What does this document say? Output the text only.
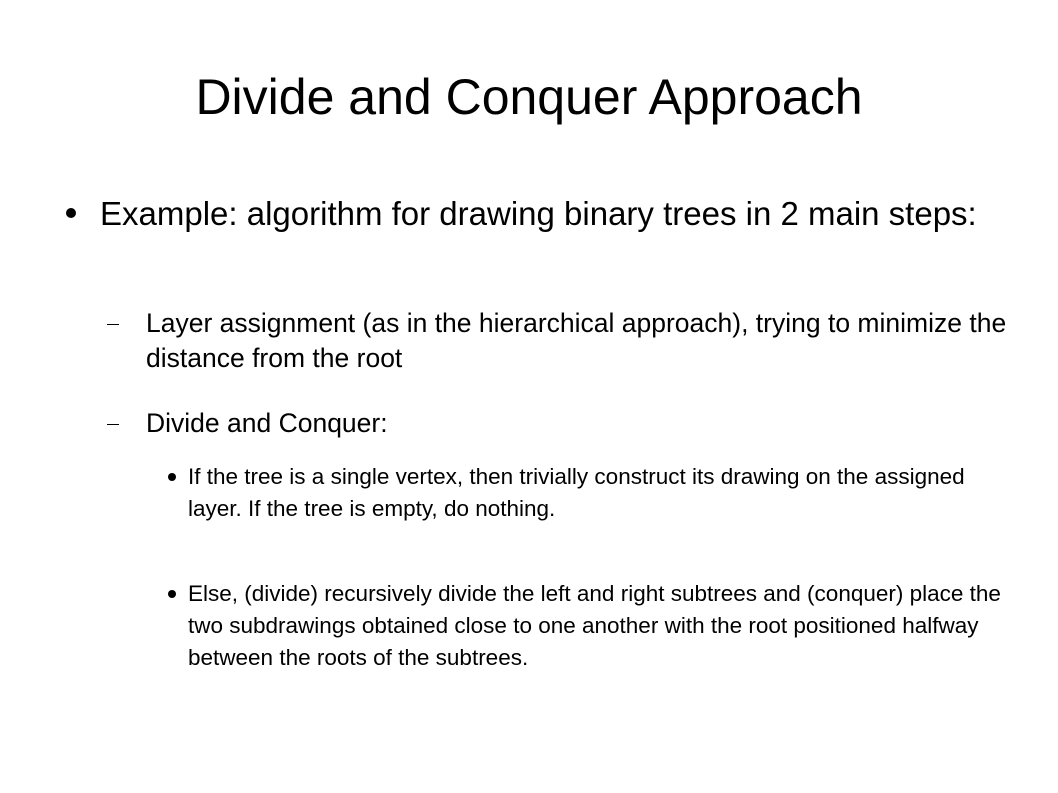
Divide and Conquer Approach
Example: algorithm for drawing binary trees in 2 main steps:
Layer assignment (as in the hierarchical approach), trying to minimize the distance from the root
Divide and Conquer:
If the tree is a single vertex, then trivially construct its drawing on the assigned layer. If the tree is empty, do nothing.
Else, (divide) recursively divide the left and right subtrees and (conquer) place the two subdrawings obtained close to one another with the root positioned halfway between the roots of the subtrees.
